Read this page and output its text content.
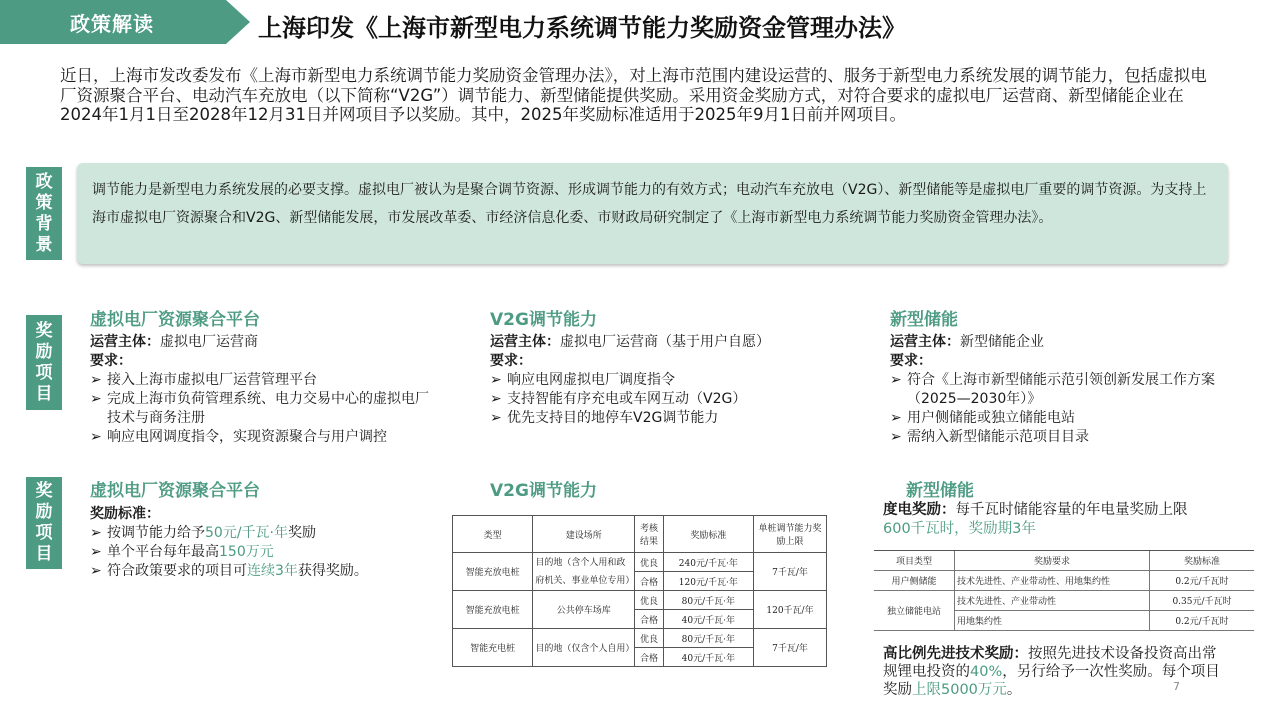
政策解读	上海印发《上海市新型电力系统调节能力奖励资金管理办法》
近日，上海市发改委发布《上海市新型电力系统调节能力奖励资金管理办法》，对上海市范围内建设运营的、服务于新型电力系统发展的调节能力，包括虚拟电厂资源聚合平台、电动汽车充放电（以下简称“V2G”）调节能力、新型储能提供奖励。采用资金奖励方式，对符合要求的虚拟电厂运营商、新型储能企业在2024年1月1日至2028年12月31日并网项目予以奖励。其中，2025年奖励标准适用于2025年9月1日前并网项目。
政
策
背
景
调节能力是新型电力系统发展的必要支撑。虚拟电厂被认为是聚合调节资源、形成调节能力的有效方式；电动汽车充放电（V2G）、新型储能等是虚拟电厂重要的调节资源。为支持上海市虚拟电厂资源聚合和V2G、新型储能发展，市发展改革委、市经济信息化委、市财政局研究制定了《上海市新型电力系统调节能力奖励资金管理办法》。
奖
励
项
目
虚拟电厂资源聚合平台
运营主体：虚拟电厂运营商
要求：
➢ 接入上海市虚拟电厂运营管理平台
➢ 完成上海市负荷管理系统、电力交易中心的虚拟电厂技术与商务注册
➢ 响应电网调度指令，实现资源聚合与用户调控
V2G调节能力
运营主体：虚拟电厂运营商（基于用户自愿）
要求：
➢ 响应电网虚拟电厂调度指令
➢ 支持智能有序充电或车网互动（V2G）
➢ 优先支持目的地停车V2G调节能力
新型储能
运营主体：新型储能企业
要求：
➢ 符合《上海市新型储能示范引领创新发展工作方案（2025—2030年）》
➢ 用户侧储能或独立储能电站
➢ 需纳入新型储能示范项目目录
奖
励
项
目
虚拟电厂资源聚合平台
奖励标准：
➢ 按调节能力给予50元/千瓦·年奖励
➢ 单个平台每年最高150万元
➢ 符合政策要求的项目可连续3年获得奖励。
V2G调节能力
类型	建设场所	考核结果	奖励标准	单桩调节能力奖励上限
智能充放电桩	目的地（含个人用和政府机关、事业单位专用）	优良	240元/千瓦·年	7千瓦/年
		合格	120元/千瓦·年	
智能充放电桩	公共停车场库	优良	80元/千瓦·年	120千瓦/年
		合格	40元/千瓦·年	
智能充电桩	目的地（仅含个人自用）	优良	80元/千瓦·年	7千瓦/年
		合格	40元/千瓦·年	
新型储能
度电奖励：每千瓦时储能容量的年电量奖励上限
600千瓦时，奖励期3年
项目类型	奖励要求	奖励标准
用户侧储能	技术先进性、产业带动性、用地集约性	0.2元/千瓦时
独立储能电站	技术先进性、产业带动性	0.35元/千瓦时
	用地集约性	0.2元/千瓦时
高比例先进技术奖励：按照先进技术设备投资高出常规锂电投资的40%，另行给予一次性奖励。每个项目奖励上限5000万元。	7
